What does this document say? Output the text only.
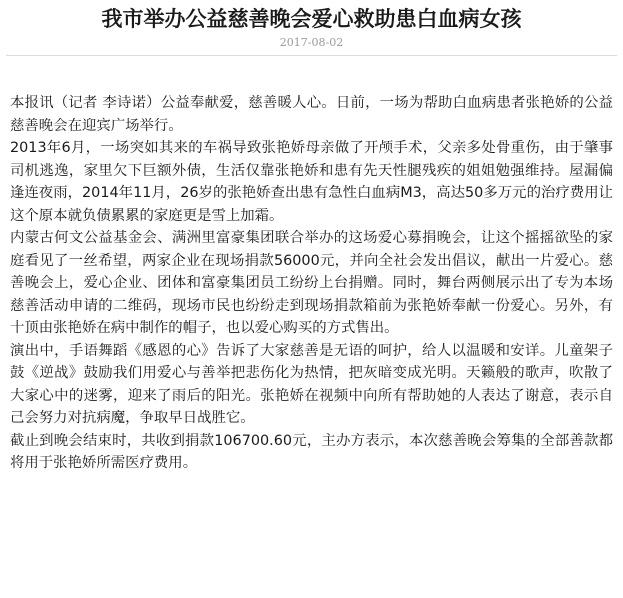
我市举办公益慈善晚会爱心救助患白血病女孩
2017-08-02

本报讯（记者 李诗诺）公益奉献爱，慈善暖人心。日前，一场为帮助白血病患者张艳娇的公益慈善晚会在迎宾广场举行。

2013年6月，一场突如其来的车祸导致张艳娇母亲做了开颅手术，父亲多处骨重伤，由于肇事司机逃逸，家里欠下巨额外债，生活仅靠张艳娇和患有先天性腿残疾的姐姐勉强维持。屋漏偏逢连夜雨，2014年11月，26岁的张艳娇查出患有急性白血病M3，高达50多万元的治疗费用让这个原本就负债累累的家庭更是雪上加霜。

内蒙古何文公益基金会、满洲里富豪集团联合举办的这场爱心募捐晚会，让这个摇摇欲坠的家庭看见了一丝希望，两家企业在现场捐款56000元，并向全社会发出倡议，献出一片爱心。慈善晚会上，爱心企业、团体和富豪集团员工纷纷上台捐赠。同时，舞台两侧展示出了专为本场慈善活动申请的二维码，现场市民也纷纷走到现场捐款箱前为张艳娇奉献一份爱心。另外，有十顶由张艳娇在病中制作的帽子，也以爱心购买的方式售出。

演出中，手语舞蹈《感恩的心》告诉了大家慈善是无语的呵护，给人以温暖和安详。儿童架子鼓《逆战》鼓励我们用爱心与善举把悲伤化为热情，把灰暗变成光明。天籁般的歌声，吹散了大家心中的迷雾，迎来了雨后的阳光。张艳娇在视频中向所有帮助她的人表达了谢意，表示自己会努力对抗病魔，争取早日战胜它。

截止到晚会结束时，共收到捐款106700.60元，主办方表示，本次慈善晚会筹集的全部善款都将用于张艳娇所需医疗费用。
